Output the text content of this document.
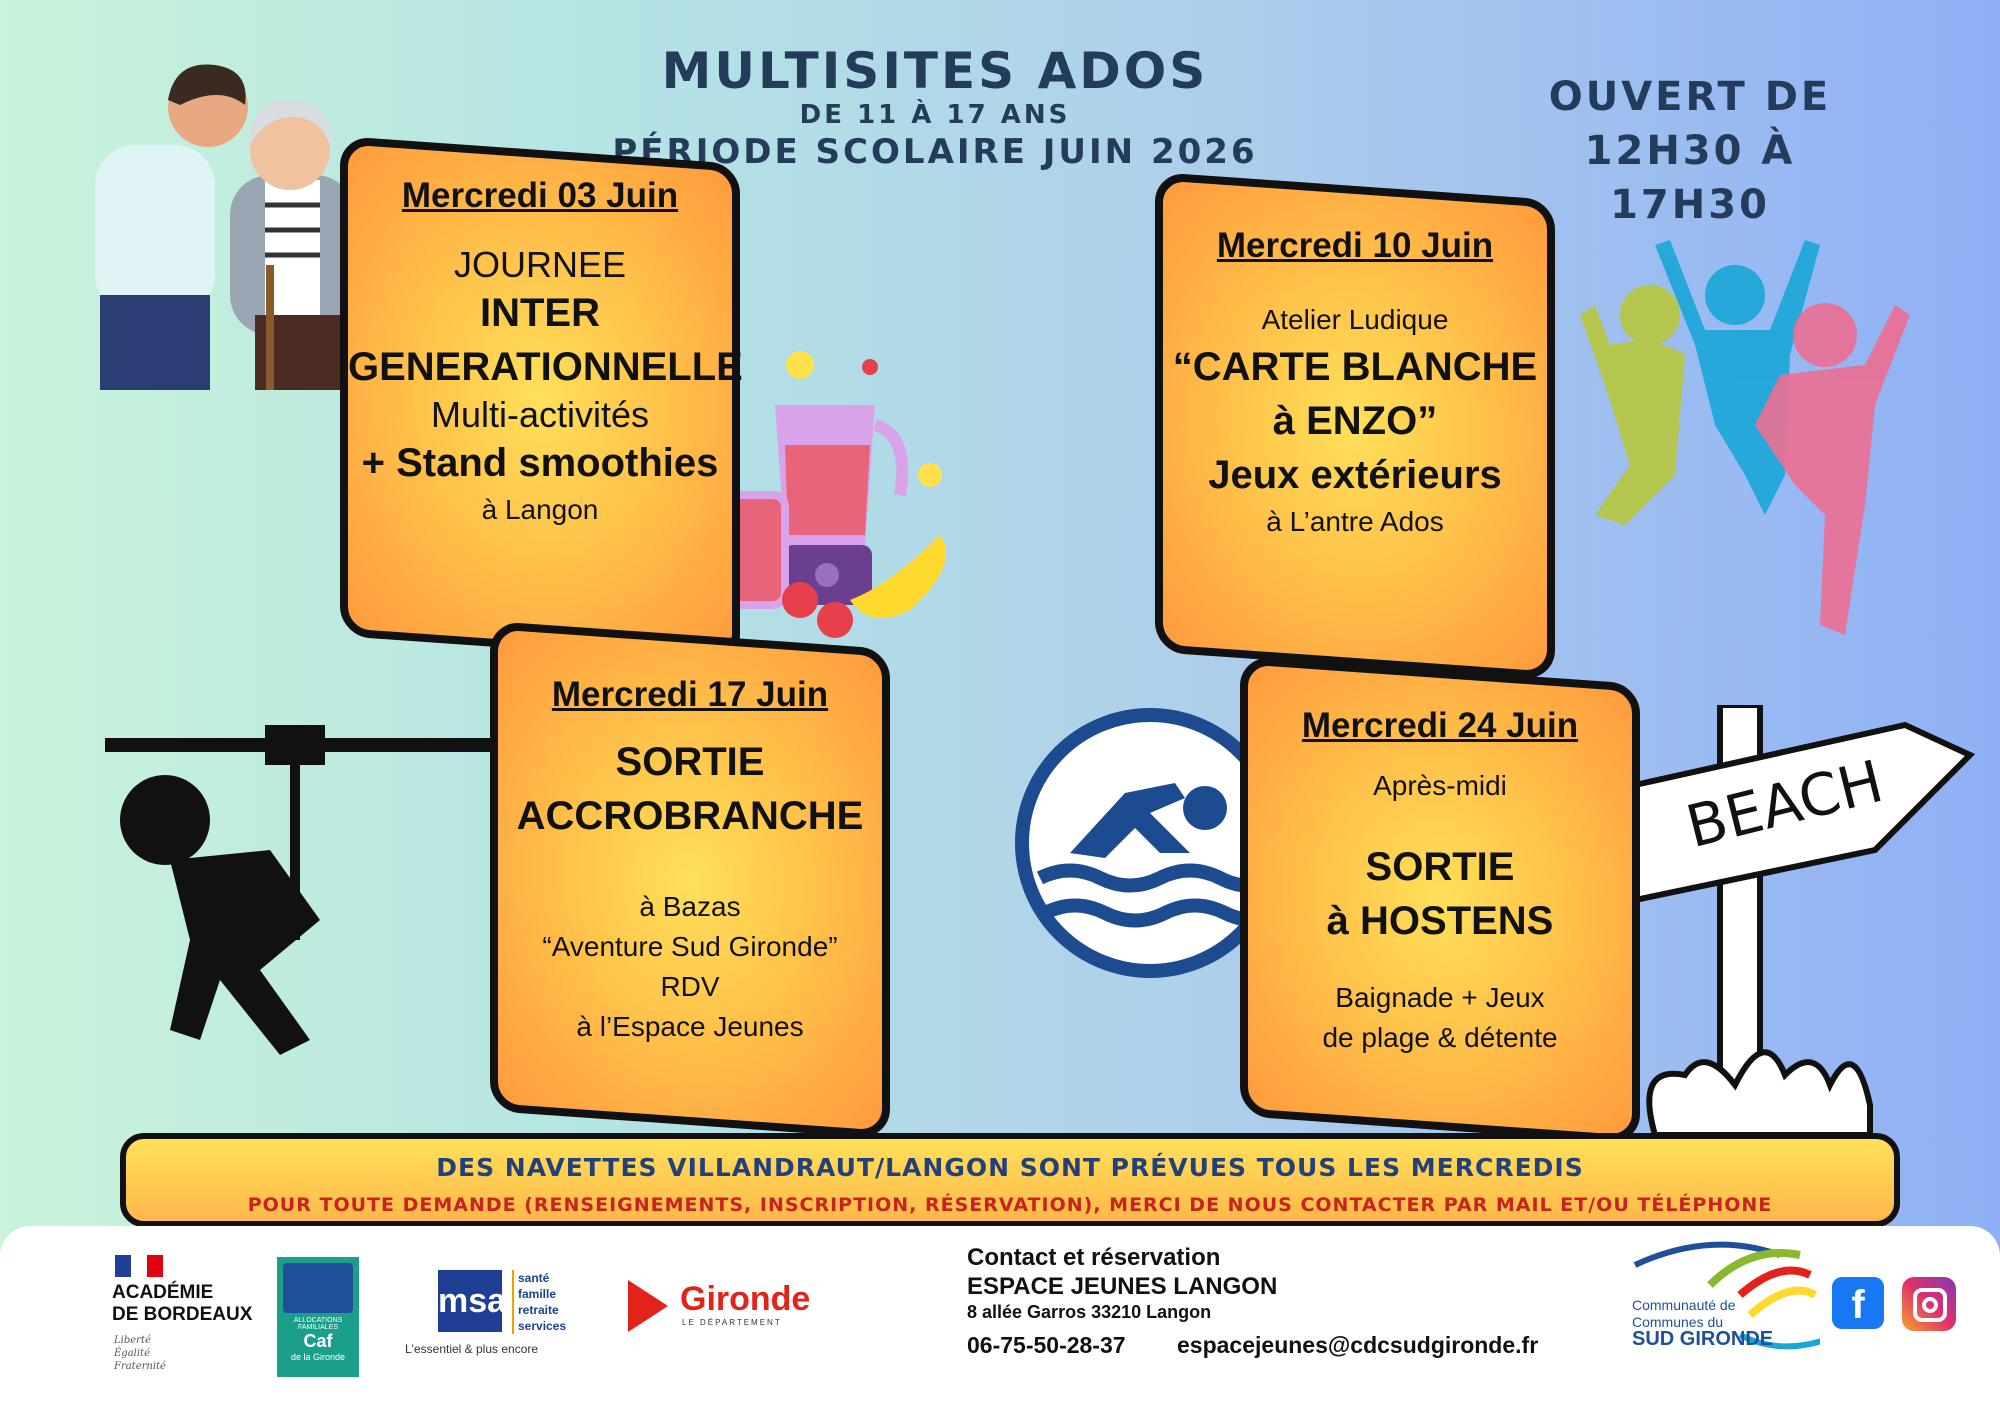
MULTISITES ADOS
DE 11 À 17 ANS
PÉRIODE SCOLAIRE JUIN 2026
OUVERT DE
12H30 À 17H30
BEACH
Mercredi 03 Juin
JOURNEE
INTER
GENERATIONNELLE
Multi-activités
+ Stand smoothies
à Langon
Mercredi 10 Juin
Atelier Ludique
“CARTE BLANCHE
à ENZO”
Jeux extérieurs
à L’antre Ados
Mercredi 17 Juin
SORTIE
ACCROBRANCHE
à Bazas
“Aventure Sud Gironde”
RDV
à l’Espace Jeunes
Mercredi 24 Juin
Après-midi
SORTIE
à HOSTENS
Baignade + Jeux
de plage & détente
DES NAVETTES VILLANDRAUT/LANGON SONT PRÉVUES TOUS LES MERCREDIS
POUR TOUTE DEMANDE (RENSEIGNEMENTS, INSCRIPTION, RÉSERVATION), MERCI DE NOUS CONTACTER PAR MAIL ET/OU TÉLÉPHONE
ACADÉMIE
DE BORDEAUX
Liberté
Égalité
Fraternité
ALLOCATIONS FAMILIALES
Caf
de la Gironde
msa
santé
famille
retraite
services
L'essentiel & plus encore
Gironde
LE DÉPARTEMENT
Contact et réservation
ESPACE JEUNES LANGON
8 allée Garros 33210 Langon
06-75-50-28-37 espacejeunes@cdcsudgironde.fr
Communauté de
Communes du
SUD GIRONDE
f
